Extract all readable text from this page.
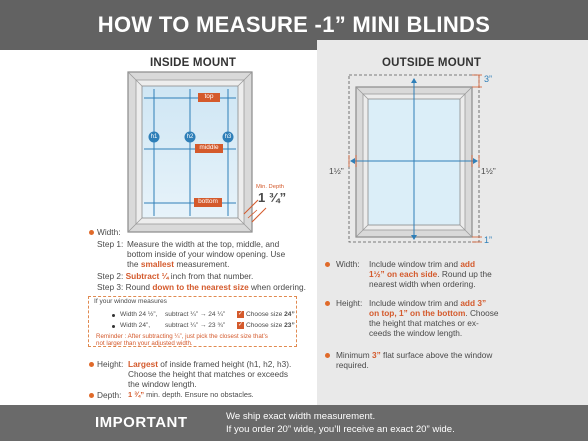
HOW TO MEASURE -1” MINI BLINDS
INSIDE MOUNT	OUTSIDE MOUNT
top
middle
bottom
h1	h2	h3
Min. Depth
1 ¾”
3”
1½”	1½”
1”
Width:
Step 1: Measure the width at the top, middle, and
bottom inside of your window opening. Use
the smallest measurement.
Step 2: Subtract ¼ inch from that number.
Step 3: Round down to the nearest size when ordering.
If your window measures
Width 24 ½”, subtract ¼” → 24 ¼” ✓ Choose size 24”
Width 24”, subtract ¼” → 23 ¾” ✓ Choose size 23”
Reminder : After subtracting ¼”, just pick the closest size that’s
not larger than your adjusted width.
Height: Largest of inside framed height (h1, h2, h3).
Choose the height that matches or exceeds
the window length.
Depth: 1 ¾” min. depth. Ensure no obstacles.
Width: Include window trim and add
1½” on each side. Round up the
nearest width when ordering.
Height: Include window trim and add 3”
on top, 1” on the bottom. Choose
the height that matches or ex-
ceeds the window length.
Minimum 3” flat surface above the window
required.
IMPORTANT	We ship exact width measurement.
If you order 20” wide, you’ll receive an exact 20” wide.
